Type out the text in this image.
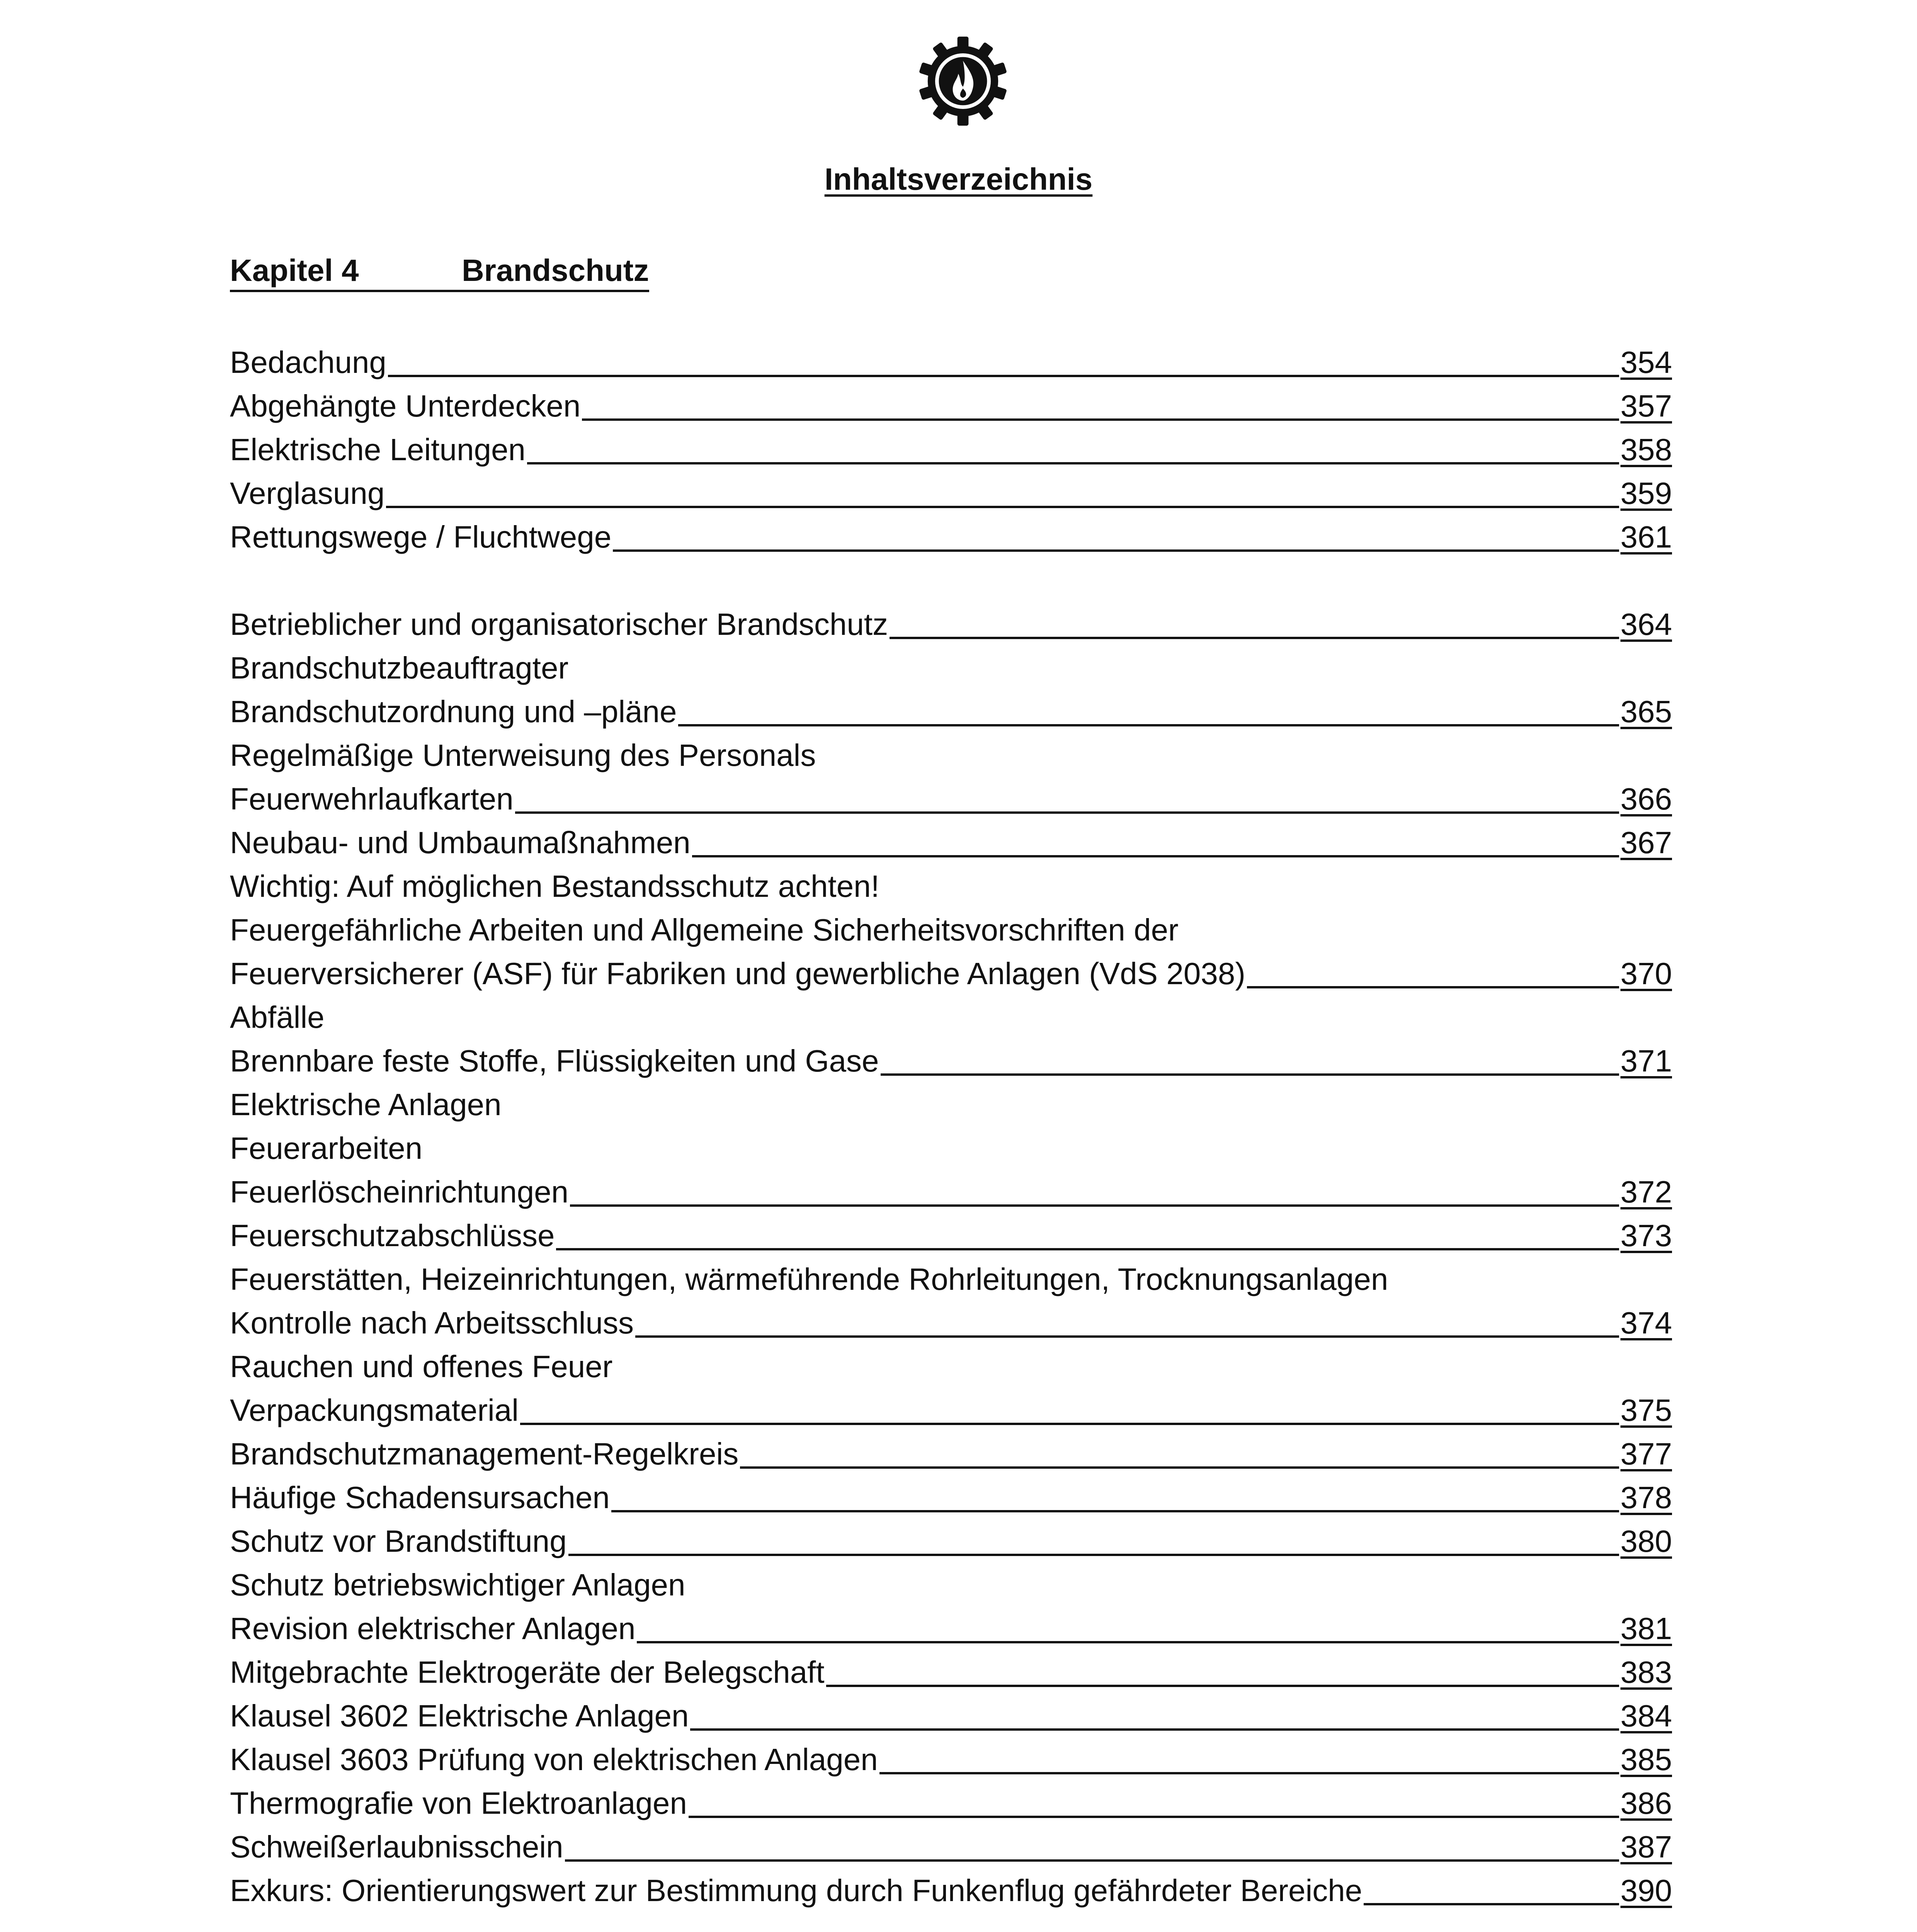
Inhaltsverzeichnis
Kapitel 4	Brandschutz
Bedachung	354
Abgehängte Unterdecken	357
Elektrische Leitungen	358
Verglasung	359
Rettungswege / Fluchtwege	361
Betrieblicher und organisatorischer Brandschutz	364
Brandschutzbeauftragter
Brandschutzordnung und –pläne	365
Regelmäßige Unterweisung des Personals
Feuerwehrlaufkarten	366
Neubau- und Umbaumaßnahmen	367
Wichtig: Auf möglichen Bestandsschutz achten!
Feuergefährliche Arbeiten und Allgemeine Sicherheitsvorschriften der
Feuerversicherer (ASF) für Fabriken und gewerbliche Anlagen (VdS 2038)	370
Abfälle
Brennbare feste Stoffe, Flüssigkeiten und Gase	371
Elektrische Anlagen
Feuerarbeiten
Feuerlöscheinrichtungen	372
Feuerschutzabschlüsse	373
Feuerstätten, Heizeinrichtungen, wärmeführende Rohrleitungen, Trocknungsanlagen
Kontrolle nach Arbeitsschluss	374
Rauchen und offenes Feuer
Verpackungsmaterial	375
Brandschutzmanagement-Regelkreis	377
Häufige Schadensursachen	378
Schutz vor Brandstiftung	380
Schutz betriebswichtiger Anlagen
Revision elektrischer Anlagen	381
Mitgebrachte Elektrogeräte der Belegschaft	383
Klausel 3602 Elektrische Anlagen	384
Klausel 3603 Prüfung von elektrischen Anlagen	385
Thermografie von Elektroanlagen	386
Schweißerlaubnisschein	387
Exkurs: Orientierungswert zur Bestimmung durch Funkenflug gefährdeter Bereiche	390
